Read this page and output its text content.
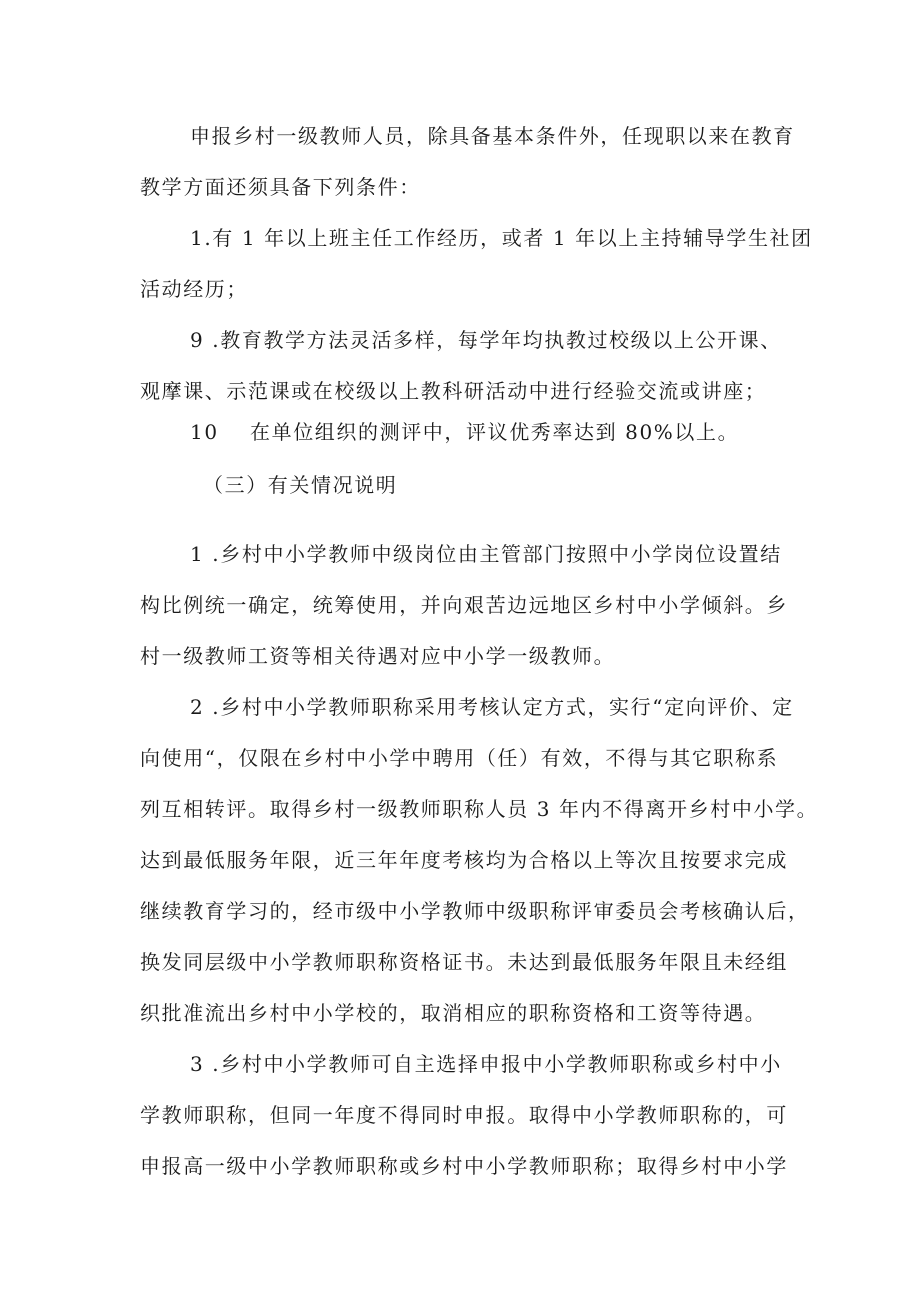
申报乡村一级教师人员，除具备基本条件外，任现职以来在教育
教学方面还须具备下列条件：
1.有 1 年以上班主任工作经历，或者 1 年以上主持辅导学生社团
活动经历；
9 .教育教学方法灵活多样，每学年均执教过校级以上公开课、
观摩课、示范课或在校级以上教科研活动中进行经验交流或讲座；
10 在单位组织的测评中，评议优秀率达到 80%以上。
（三）有关情况说明
1 .乡村中小学教师中级岗位由主管部门按照中小学岗位设置结
构比例统一确定，统筹使用，并向艰苦边远地区乡村中小学倾斜。乡
村一级教师工资等相关待遇对应中小学一级教师。
2 .乡村中小学教师职称采用考核认定方式，实行“定向评价、定
向使用“，仅限在乡村中小学中聘用（任）有效，不得与其它职称系
列互相转评。取得乡村一级教师职称人员 3 年内不得离开乡村中小学。
达到最低服务年限，近三年年度考核均为合格以上等次且按要求完成
继续教育学习的，经市级中小学教师中级职称评审委员会考核确认后，
换发同层级中小学教师职称资格证书。未达到最低服务年限且未经组
织批准流出乡村中小学校的，取消相应的职称资格和工资等待遇。
3 .乡村中小学教师可自主选择申报中小学教师职称或乡村中小
学教师职称，但同一年度不得同时申报。取得中小学教师职称的，可
申报高一级中小学教师职称或乡村中小学教师职称；取得乡村中小学
